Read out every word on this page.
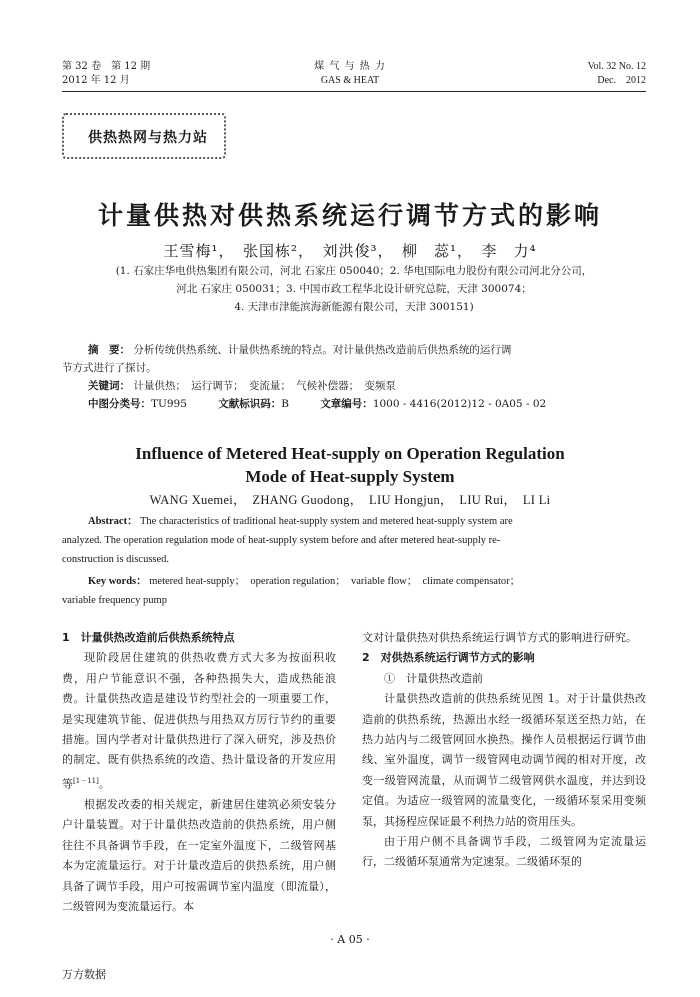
第 32 卷　第 12 期
2012 年 12 月
煤 气 与 热 力
GAS & HEAT
Vol. 32 No. 12
Dec.　2012
供热热网与热力站
计量供热对供热系统运行调节方式的影响
王雪梅¹，　张国栋²，　刘洪俊³，　柳　蕊¹，　李　力⁴
(1. 石家庄华电供热集团有限公司，河北 石家庄 050040；2. 华电国际电力股份有限公司河北分公司，
河北 石家庄 050031；3. 中国市政工程华北设计研究总院，天津 300074；
4. 天津市津能滨海新能源有限公司，天津 300151)
摘　要： 分析传统供热系统、计量供热系统的特点。对计量供热改造前后供热系统的运行调
节方式进行了探讨。
关键词： 计量供热；　运行调节；　变流量；　气候补偿器；　变频泵
中图分类号：TU995	文献标识码：B	文章编号：1000 - 4416(2012)12 - 0A05 - 02
Influence of Metered Heat-supply on Operation Regulation
Mode of Heat-supply System
WANG Xuemei，　ZHANG Guodong，　LIU Hongjun，　LIU Rui，　LI Li
Abstract： The characteristics of traditional heat-supply system and metered heat-supply system are
analyzed. The operation regulation mode of heat-supply system before and after metered heat-supply re-
construction is discussed.
Key words： metered heat-supply；　operation regulation；　variable flow；　climate compensator；
variable frequency pump

1　计量供热改造前后供热系统特点

现阶段居住建筑的供热收费方式大多为按面积收费，用户节能意识不强，各种热损失大，造成热能浪费。计量供热改造是建设节约型社会的一项重要工作，是实现建筑节能、促进供热与用热双方厉行节约的重要措施。国内学者对计量供热进行了深入研究，涉及热价的制定、既有供热系统的改造、热计量设备的开发应用等[1－11]。

根据发改委的相关规定，新建居住建筑必须安装分户计量装置。对于计量供热改造前的供热系统，用户侧往往不具备调节手段，在一定室外温度下，二级管网基本为定流量运行。对于计量改造后的供热系统，用户侧具备了调节手段，用户可按需调节室内温度（即流量），二级管网为变流量运行。本

文对计量供热对供热系统运行调节方式的影响进行研究。

2　对供热系统运行调节方式的影响

①　计量供热改造前

计量供热改造前的供热系统见图 1。对于计量供热改造前的供热系统，热源出水经一级循环泵送至热力站，在热力站内与二级管网回水换热。操作人员根据运行调节曲线、室外温度，调节一级管网电动调节阀的相对开度，改变一级管网流量，从而调节二级管网供水温度，并达到设定值。为适应一级管网的流量变化，一级循环泵采用变频泵，其扬程应保证最不利热力站的资用压头。

由于用户侧不具备调节手段，二级管网为定流量运行，二级循环泵通常为定速泵。二级循环泵的

· A 05 ·
万方数据
